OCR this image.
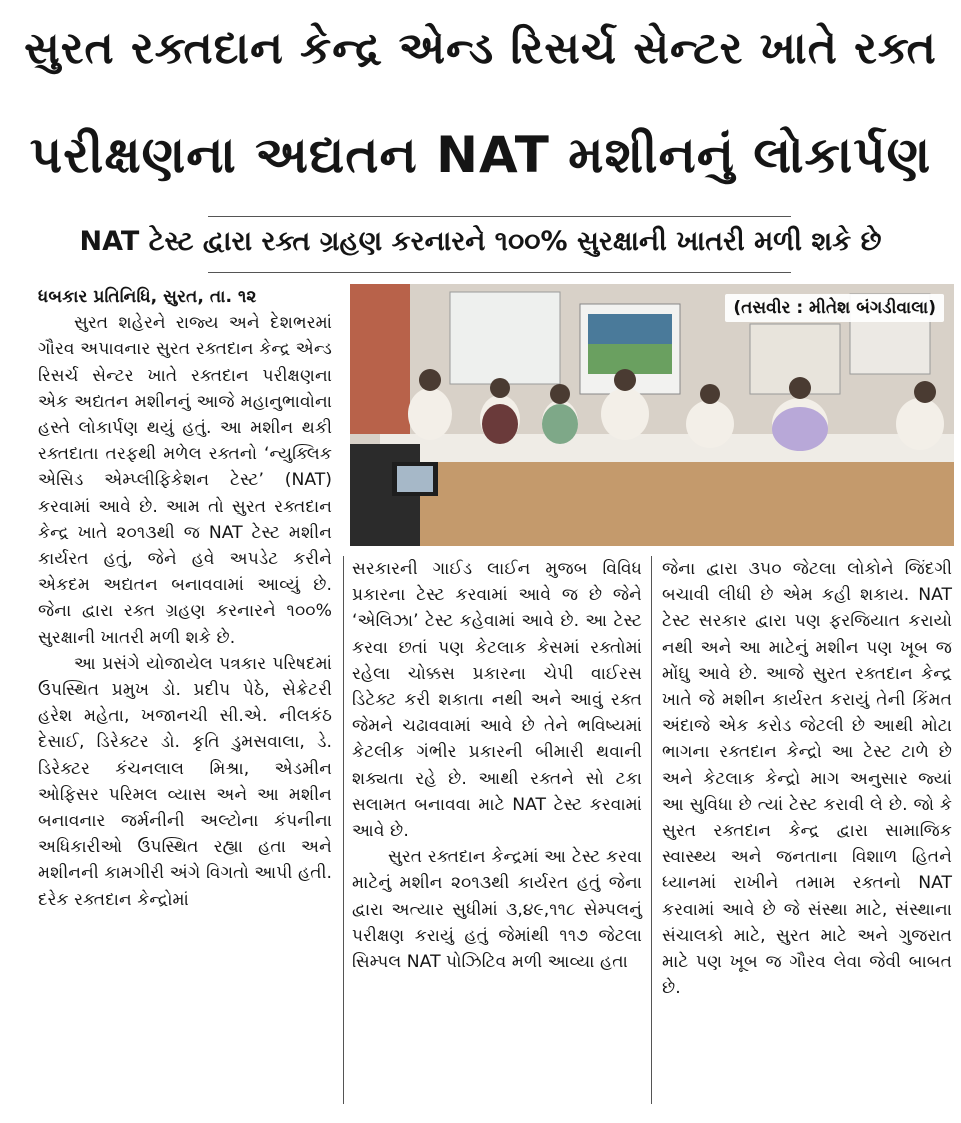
સુરત રક્તદાન કેન્દ્ર એન્ડ રિસર્ચ સેન્ટર ખાતે રક્ત
પરીક્ષણના અદ્યતન NAT મશીનનું લોકાર્પણ
NAT ટેસ્ટ દ્વારા રક્ત ગ્રહણ કરનારને ૧૦૦% સુરક્ષાની ખાતરી મળી શકે છે

ધબકાર પ્રતિનિધિ, સુરત, તા. ૧૨

સુરત શહેરને રાજ્ય અને દેશભરમાં ગૌરવ અપાવનાર સુરત રક્તદાન કેન્દ્ર એન્ડ રિસર્ચ સેન્ટર ખાતે રક્તદાન પરીક્ષણના એક અદ્યતન મશીનનું આજે મહાનુભાવોના હસ્તે લોકાર્પણ થયું હતું. આ મશીન થકી રક્તદાતા તરફથી મળેલ રક્તનો ‘ન્યુક્લિક એસિડ એમ્પ્લીફિકેશન ટેસ્ટ’ (NAT) કરવામાં આવે છે. આમ તો સુરત રક્તદાન કેન્દ્ર ખાતે ૨૦૧૩થી જ NAT ટેસ્ટ મશીન કાર્યરત હતું, જેને હવે અપડેટ કરીને એકદમ અદ્યતન બનાવવામાં આવ્યું છે. જેના દ્વારા રક્ત ગ્રહણ કરનારને ૧૦૦% સુરક્ષાની ખાતરી મળી શકે છે.

આ પ્રસંગે યોજાયેલ પત્રકાર પરિષદમાં ઉપસ્થિત પ્રમુખ ડો. પ્રદીપ પેઠે, સેક્રેટરી હરેશ મહેતા, ખજાનચી સી.એ. નીલકંઠ દેસાઈ, ડિરેક્ટર ડો. કૃતિ ડુમસવાલા, ડે. ડિરેક્ટર કંચનલાલ મિશ્રા, એડમીન ઓફિસર પરિમલ વ્યાસ અને આ મશીન બનાવનાર જર્મનીની અલ્ટોના કંપનીના અધિકારીઓ ઉપસ્થિત રહ્યા હતા અને મશીનની કામગીરી અંગે વિગતો આપી હતી. દરેક રક્તદાન કેન્દ્રોમાં

(તસવીર : મીતેશ બંગડીવાલા)

સરકારની ગાઈડ લાઈન મુજબ વિવિધ પ્રકારના ટેસ્ટ કરવામાં આવે જ છે જેને ‘એલિઝા’ ટેસ્ટ કહેવામાં આવે છે. આ ટેસ્ટ કરવા છતાં પણ કેટલાક કેસમાં રક્તોમાં રહેલા ચોક્કસ પ્રકારના ચેપી વાઈરસ ડિટેક્ટ કરી શકાતા નથી અને આવું રક્ત જેમને ચઢાવવામાં આવે છે તેને ભવિષ્યમાં કેટલીક ગંભીર પ્રકારની બીમારી થવાની શક્યતા રહે છે. આથી રક્તને સો ટકા સલામત બનાવવા માટે NAT ટેસ્ટ કરવામાં આવે છે.

સુરત રક્તદાન કેન્દ્રમાં આ ટેસ્ટ કરવા માટેનું મશીન ૨૦૧૩થી કાર્યરત હતું જેના દ્વારા અત્યાર સુધીમાં ૩,૪૯,૧૧૮ સેમ્પલનું પરીક્ષણ કરાયું હતું જેમાંથી ૧૧૭ જેટલા સિમ્પલ NAT પોઝિટિવ મળી આવ્યા હતા

જેના દ્વારા ૩૫૦ જેટલા લોકોને જિંદગી બચાવી લીધી છે એમ કહી શકાય. NAT ટેસ્ટ સરકાર દ્વારા પણ ફરજિયાત કરાયો નથી અને આ માટેનું મશીન પણ ખૂબ જ મોંઘુ આવે છે. આજે સુરત રક્તદાન કેન્દ્ર ખાતે જે મશીન કાર્યરત કરાયું તેની કિંમત અંદાજે એક કરોડ જેટલી છે આથી મોટા ભાગના રક્તદાન કેન્દ્રો આ ટેસ્ટ ટાળે છે અને કેટલાક કેન્દ્રો માગ અનુસાર જ્યાં આ સુવિધા છે ત્યાં ટેસ્ટ કરાવી લે છે. જો કે સુરત રક્તદાન કેન્દ્ર દ્વારા સામાજિક સ્વાસ્થ્ય અને જનતાના વિશાળ હિતને ધ્યાનમાં રાખીને તમામ રક્તનો NAT કરવામાં આવે છે જે સંસ્થા માટે, સંસ્થાના સંચાલકો માટે, સુરત માટે અને ગુજરાત માટે પણ ખૂબ જ ગૌરવ લેવા જેવી બાબત છે.
